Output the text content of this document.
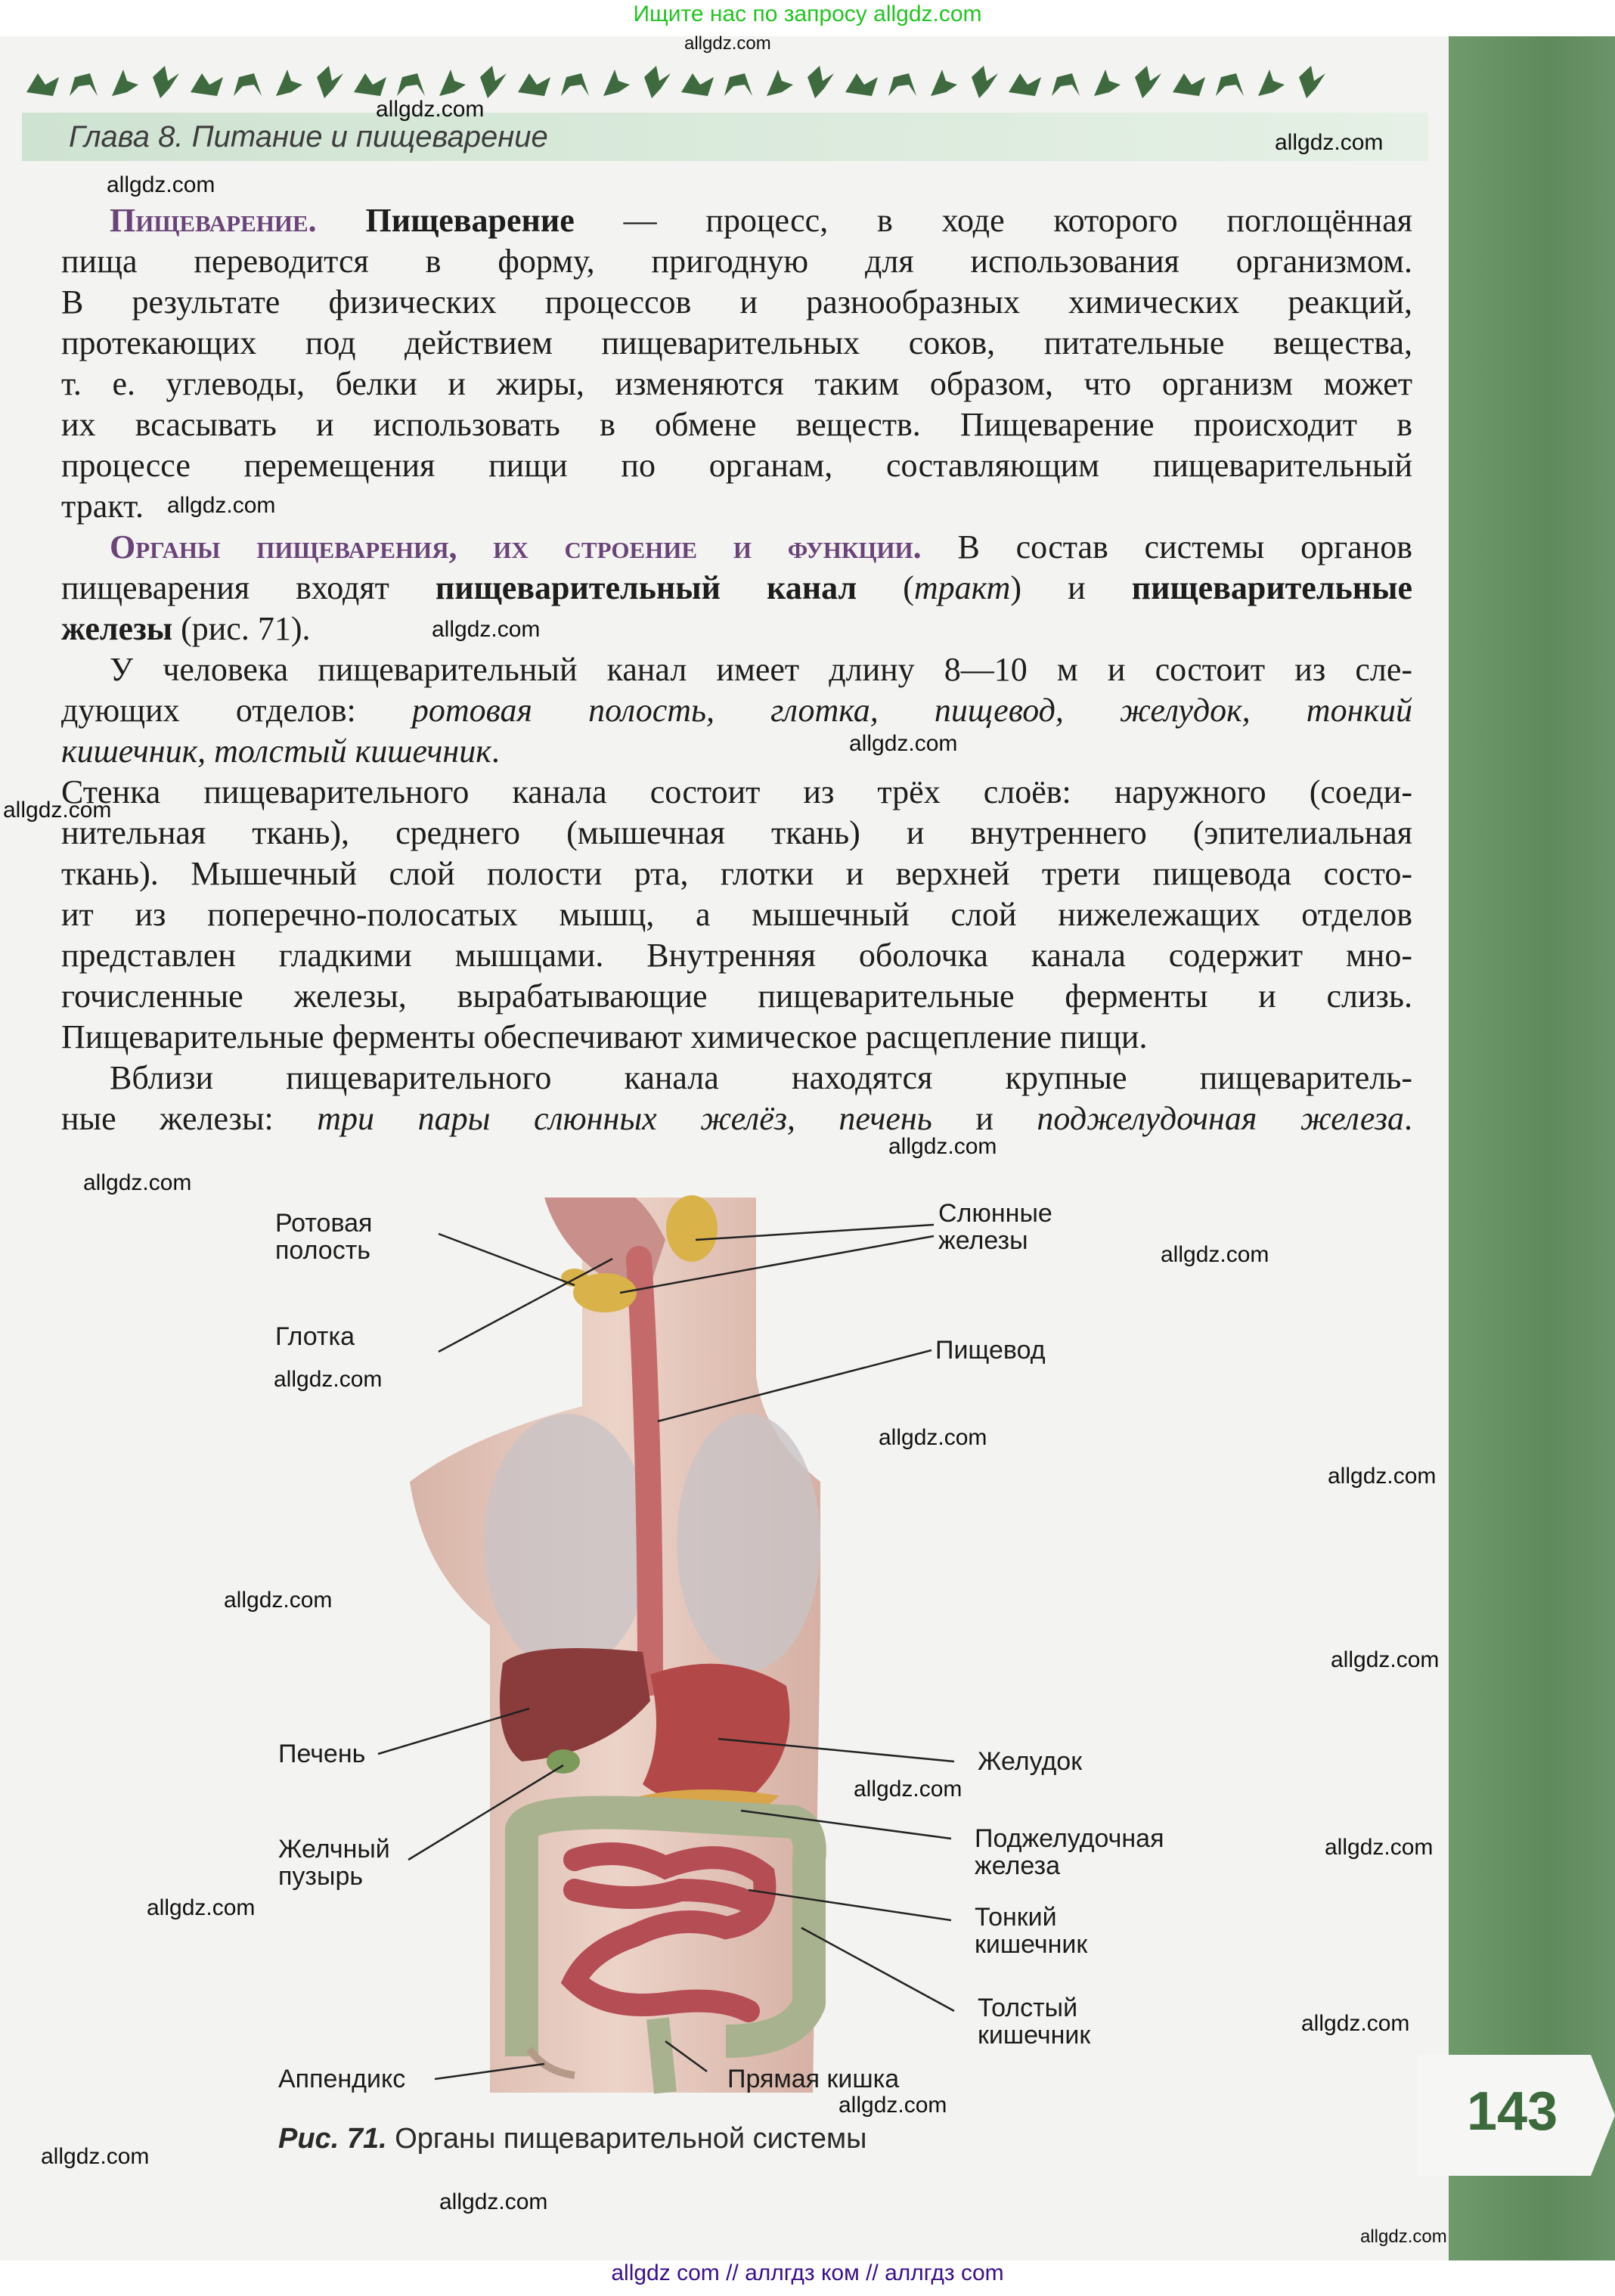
Ищите нас по запросу allgdz.com
Глава 8. Питание и пищеварение
Пищеварение. Пищеварение — процесс, в ходе которого поглощённая
пища переводится в форму, пригодную для использования организмом.
В результате физических процессов и разнообразных химических реакций,
протекающих под действием пищеварительных соков, питательные вещества,
т. е. углеводы, белки и жиры, изменяются таким образом, что организм может
их всасывать и использовать в обмене веществ. Пищеварение происходит в
процессе перемещения пищи по органам, составляющим пищеварительный
тракт.
Органы пищеварения, их строение и функции. В состав системы органов
пищеварения входят пищеварительный канал (тракт) и пищеварительные
железы (рис. 71).
У человека пищеварительный канал имеет длину 8—10 м и состоит из сле-
дующих отделов: ротовая полость, глотка, пищевод, желудок, тонкий
кишечник, толстый кишечник.
Стенка пищеварительного канала состоит из трёх слоёв: наружного (соеди-
нительная ткань), среднего (мышечная ткань) и внутреннего (эпителиальная
ткань). Мышечный слой полости рта, глотки и верхней трети пищевода состо-
ит из поперечно-полосатых мышц, а мышечный слой нижележащих отделов
представлен гладкими мышцами. Внутренняя оболочка канала содержит мно-
гочисленные железы, вырабатывающие пищеварительные ферменты и слизь.
Пищеварительные ферменты обеспечивают химическое расщепление пищи.
Вблизи пищеварительного канала находятся крупные пищеваритель-
ные железы: три пары слюнных желёз, печень и поджелудочная железа.
Ротовая
полость
Глотка
Слюнные
железы
Пищевод
Печень
Желчный
пузырь
Желудок
Поджелудочная
железа
Тонкий
кишечник
Толстый
кишечник
Аппендикс	Прямая кишка
Рис. 71. Органы пищеварительной системы	143
allgdz.com
allgdz.com
allgdz.com
allgdz.com
allgdz.com
allgdz.com
allgdz.com
allgdz.com
allgdz.com
allgdz.com
allgdz.com
allgdz.com
allgdz.com
allgdz.com
allgdz.com
allgdz.com
allgdz.com
allgdz.com
allgdz.com
allgdz.com
allgdz.com
allgdz.com
allgdz.com
allgdz.com
allgdz com // аллгдз ком // аллгдз com
